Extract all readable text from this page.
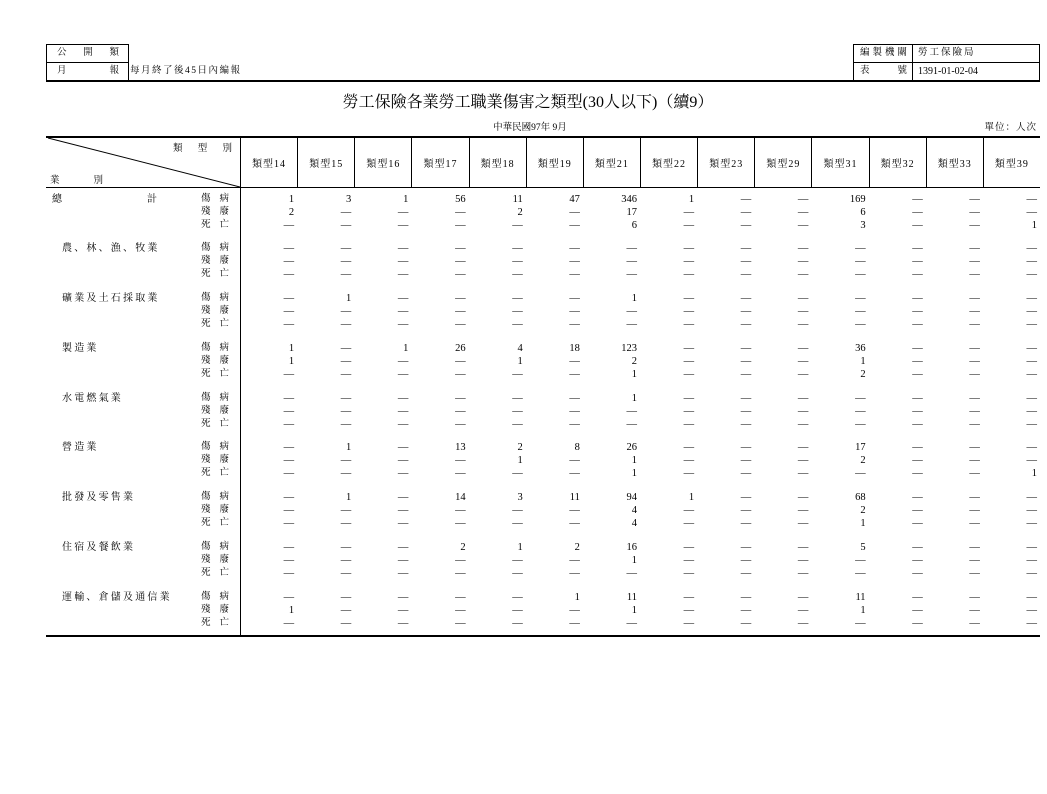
公 開 類
月	報 每月終了後45日內編報
編 製 機 關	勞工保險局
表	號	1391-01-02-04
勞工保險各業勞工職業傷害之類型(30人以下)（續9）
中華民國97年 9月	單位：人次
類 型 別
業	別
類型14	類型15	類型16	類型17	類型18	類型19	類型21	類型22	類型23	類型29	類型31	類型32	類型33	類型39
總	計	傷 病	1	3	1	56	11	47	346	1	—	—	169	—	—	—
殘 廢	2	—	—	—	2	—	17	—	—	—	6	—	—	—
死 亡	—	—	—	—	—	—	6	—	—	—	3	—	—	1
農、林、漁、牧業	傷 病	—	—	—	—	—	—	—	—	—	—	—	—	—	—
殘 廢	—	—	—	—	—	—	—	—	—	—	—	—	—	—
死 亡	—	—	—	—	—	—	—	—	—	—	—	—	—	—
礦業及土石採取業	傷 病	—	1	—	—	—	—	1	—	—	—	—	—	—	—
殘 廢	—	—	—	—	—	—	—	—	—	—	—	—	—	—
死 亡	—	—	—	—	—	—	—	—	—	—	—	—	—	—
製造業	傷 病	1	—	1	26	4	18	123	—	—	—	36	—	—	—
殘 廢	1	—	—	—	1	—	2	—	—	—	1	—	—	—
死 亡	—	—	—	—	—	—	1	—	—	—	2	—	—	—
水電燃氣業	傷 病	—	—	—	—	—	—	1	—	—	—	—	—	—	—
殘 廢	—	—	—	—	—	—	—	—	—	—	—	—	—	—
死 亡	—	—	—	—	—	—	—	—	—	—	—	—	—	—
營造業	傷 病	—	1	—	13	2	8	26	—	—	—	17	—	—	—
殘 廢	—	—	—	—	1	—	1	—	—	—	2	—	—	—
死 亡	—	—	—	—	—	—	1	—	—	—	—	—	—	1
批發及零售業	傷 病	—	1	—	14	3	11	94	1	—	—	68	—	—	—
殘 廢	—	—	—	—	—	—	4	—	—	—	2	—	—	—
死 亡	—	—	—	—	—	—	4	—	—	—	1	—	—	—
住宿及餐飲業	傷 病	—	—	—	2	1	2	16	—	—	—	5	—	—	—
殘 廢	—	—	—	—	—	—	1	—	—	—	—	—	—	—
死 亡	—	—	—	—	—	—	—	—	—	—	—	—	—	—
運輸、倉儲及通信業	傷 病	—	—	—	—	—	1	11	—	—	—	11	—	—	—
殘 廢	1	—	—	—	—	—	1	—	—	—	1	—	—	—
死 亡	—	—	—	—	—	—	—	—	—	—	—	—	—	—
